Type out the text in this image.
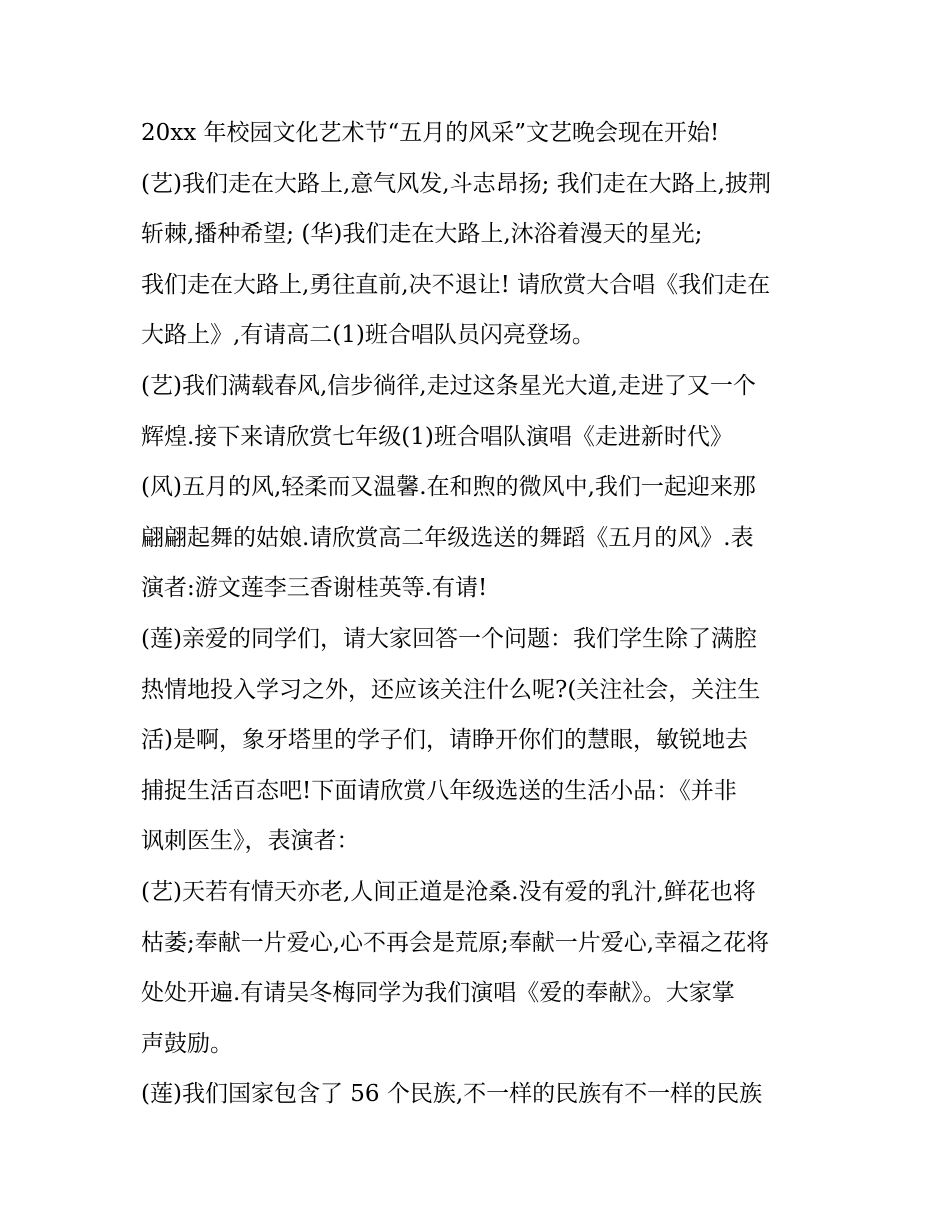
20xx 年校园文化艺术节“五月的风采”文艺晚会现在开始!

(艺)我们走在大路上,意气风发,斗志昂扬; 我们走在大路上,披荆

斩棘,播种希望; (华)我们走在大路上,沐浴着漫天的星光;

我们走在大路上,勇往直前,决不退让! 请欣赏大合唱《我们走在

大路上》,有请高二(1)班合唱队员闪亮登场。

(艺)我们满载春风,信步徜徉,走过这条星光大道,走进了又一个

辉煌.接下来请欣赏七年级(1)班合唱队演唱《走进新时代》

(风)五月的风,轻柔而又温馨.在和煦的微风中,我们一起迎来那

翩翩起舞的姑娘.请欣赏高二年级选送的舞蹈《五月的风》.表

演者:游文莲李三香谢桂英等.有请!

(莲)亲爱的同学们，请大家回答一个问题：我们学生除了满腔

热情地投入学习之外，还应该关注什么呢?(关注社会，关注生

活)是啊，象牙塔里的学子们，请睁开你们的慧眼，敏锐地去

捕捉生活百态吧!下面请欣赏八年级选送的生活小品：《并非

讽刺医生》，表演者：

(艺)天若有情天亦老,人间正道是沧桑.没有爱的乳汁,鲜花也将

枯萎;奉献一片爱心,心不再会是荒原;奉献一片爱心,幸福之花将

处处开遍.有请吴冬梅同学为我们演唱《爱的奉献》。大家掌

声鼓励。

(莲)我们国家包含了 56 个民族,不一样的民族有不一样的民族
